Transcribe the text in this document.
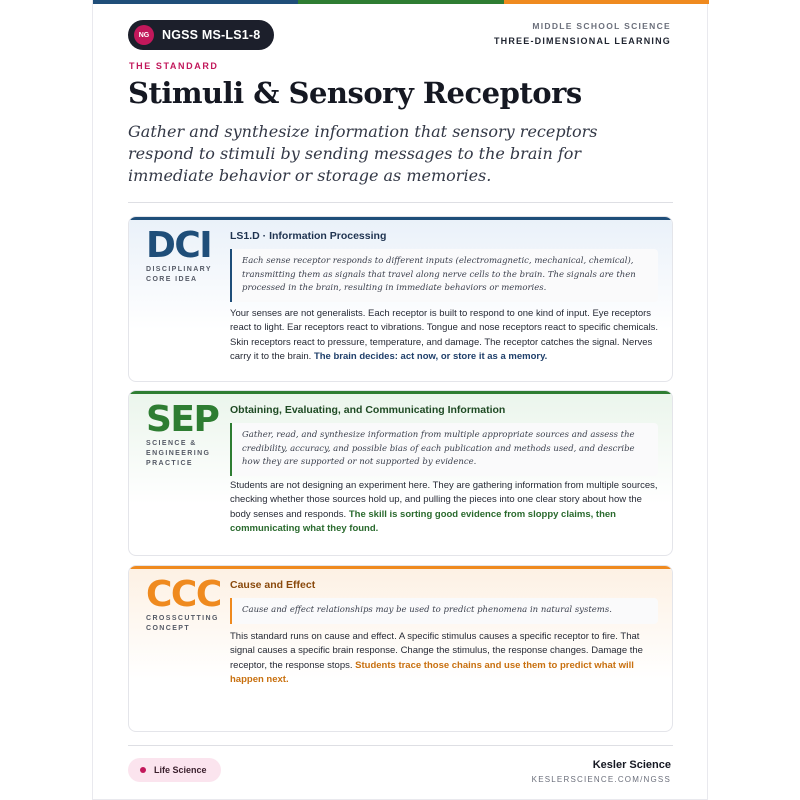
NG	NGSS MS-LS1-8
MIDDLE SCHOOL SCIENCE
THREE-DIMENSIONAL LEARNING
THE STANDARD
Stimuli & Sensory Receptors
Gather and synthesize information that sensory receptors respond to stimuli by sending messages to the brain for immediate behavior or storage as memories.
DCI
DISCIPLINARY CORE IDEA
LS1.D · Information Processing
Each sense receptor responds to different inputs (electromagnetic, mechanical, chemical), transmitting them as signals that travel along nerve cells to the brain. The signals are then processed in the brain, resulting in immediate behaviors or memories.
Your senses are not generalists. Each receptor is built to respond to one kind of input. Eye receptors react to light. Ear receptors react to vibrations. Tongue and nose receptors react to specific chemicals. Skin receptors react to pressure, temperature, and damage. The receptor catches the signal. Nerves carry it to the brain. The brain decides: act now, or store it as a memory.
SEP
SCIENCE & ENGINEERING PRACTICE
Obtaining, Evaluating, and Communicating Information
Gather, read, and synthesize information from multiple appropriate sources and assess the credibility, accuracy, and possible bias of each publication and methods used, and describe how they are supported or not supported by evidence.
Students are not designing an experiment here. They are gathering information from multiple sources, checking whether those sources hold up, and pulling the pieces into one clear story about how the body senses and responds. The skill is sorting good evidence from sloppy claims, then communicating what they found.
CCC
CROSSCUTTING CONCEPT
Cause and Effect
Cause and effect relationships may be used to predict phenomena in natural systems.
This standard runs on cause and effect. A specific stimulus causes a specific receptor to fire. That signal causes a specific brain response. Change the stimulus, the response changes. Damage the receptor, the response stops. Students trace those chains and use them to predict what will happen next.
Life Science	Kesler Science
KESLERSCIENCE.COM/NGSS
